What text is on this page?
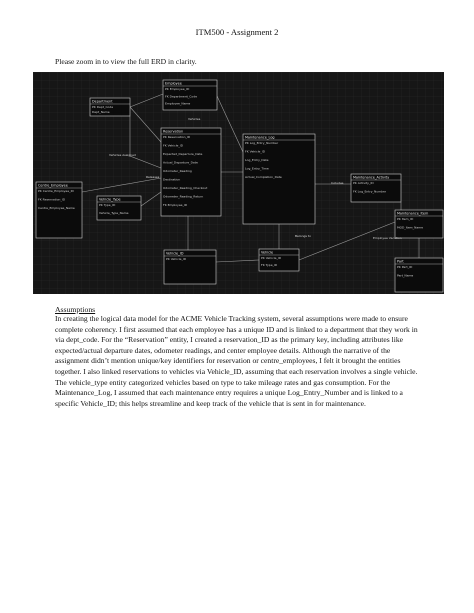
ITM500 - Assignment 2
Please zoom in to view the full ERD in clarity.
Employee
PK Employee_ID
FK Department_Code
Employee_Name
Department
PK Dept_Code
Dept_Name
Reservation
PK Reservation_ID
FK Vehicle_ID
Expected_Departure_Date
Actual_Departure_Date
Odometer_Reading
Destination
Odometer_Reading_Checkout
Odometer_Reading_Return
FK Employee_ID
Maintenance_Log
PK Log_Entry_Number
FK Vehicle_ID
Log_Entry_Date
Log_Entry_Time
Actual_Completion_Date
Centre_Employee
PK Centre_Employee_ID
FK Reservation_ID
Centre_Employee_Name
Vehicle_Type
PK Type_ID
Vehicle_Type_Name
Maintenance_Activity
PK Activity_ID
FK Log_Entry_Number
Vehicle
PK Vehicle_ID
FK Type_ID
Vehicle_ID
PK Vehicle_ID
Maintenance_Item
PK Item_ID
MOD_Item_Name
Part
PK Part_ID
Part_Name
Releases
Vehicles
Includes
Vehicles Assigned
Belongs to	Employee Vacation
Assumptions

In creating the logical data model for the ACME Vehicle Tracking system, several assumptions were made to ensure complete coherency. I first assumed that each employee has a unique ID and is linked to a department that they work in via dept_code. For the “Reservation” entity, I created a reservation_ID as the primary key, including attributes like expected/actual departure dates, odometer readings, and center employee details. Although the narrative of the assignment didn’t mention unique/key identifiers for reservation or centre_employees, I felt it brought the entities together. I also linked reservations to vehicles via Vehicle_ID, assuming that each reservation involves a single vehicle. The vehicle_type entity categorized vehicles based on type to take mileage rates and gas consumption. For the Maintenance_Log, I assumed that each maintenance entry requires a unique Log_Entry_Number and is linked to a specific Vehicle_ID; this helps streamline and keep track of the vehicle that is sent in for maintenance.
